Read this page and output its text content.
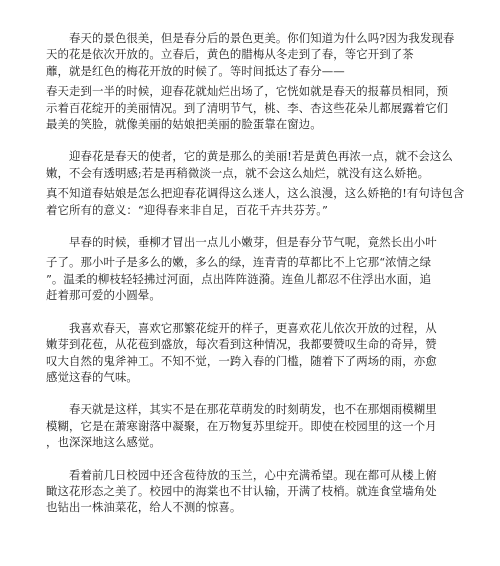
　　春天的景色很美，但是春分后的景色更美。你们知道为什么吗?因为我发现春
天的花是依次开放的。立春后，黄色的腊梅从冬走到了春，等它开到了茶
蘼，就是红色的梅花开放的时候了。等时间抵达了春分——
春天走到一半的时候，迎春花就灿烂出场了，它恍如就是春天的报幕员相同，预
示着百花绽开的美丽情况。到了清明节气，桃、李、杏这些花朵儿都展露着它们
最美的笑脸，就像美丽的姑娘把美丽的脸蛋靠在窗边。

　　迎春花是春天的使者，它的黄是那么的美丽!若是黄色再浓一点，就不会这么
嫩，不会有透明感;若是再稍微淡一点，就不会这么灿烂，就没有这么娇艳。
真不知道春姑娘是怎么把迎春花调得这么迷人，这么浪漫，这么娇艳的!有句诗包含
着它所有的意义：“迎得春来非自足，百花千卉共芬芳。”

　　早春的时候，垂柳才冒出一点儿小嫩芽，但是春分节气呢，竟然长出小叶
子了。那小叶子是多么的嫩，多么的绿，连青青的草都比不上它那“浓情之绿
”。温柔的柳枝轻轻拂过河面，点出阵阵涟漪。连鱼儿都忍不住浮出水面，追
赶着那可爱的小圆晕。

　　我喜欢春天，喜欢它那繁花绽开的样子，更喜欢花儿依次开放的过程，从
嫩芽到花苞，从花苞到盛放，每次看到这种情况，我都要赞叹生命的奇异，赞
叹大自然的鬼斧神工。不知不觉，一跨入春的门槛，随着下了两场的雨，亦愈
感觉这春的气味。

　　春天就是这样，其实不是在那花草萌发的时刻萌发，也不在那烟雨模糊里
模糊，它是在萧寒谢落中凝聚，在万物复苏里绽开。即使在校园里的这一个月
，也深深地这么感觉。

　　看着前几日校园中还含苞待放的玉兰，心中充满希望。现在都可从楼上俯
瞰这花形态之美了。校园中的海棠也不甘认输，开满了枝梢。就连食堂墙角处
也钻出一株油菜花，给人不测的惊喜。
